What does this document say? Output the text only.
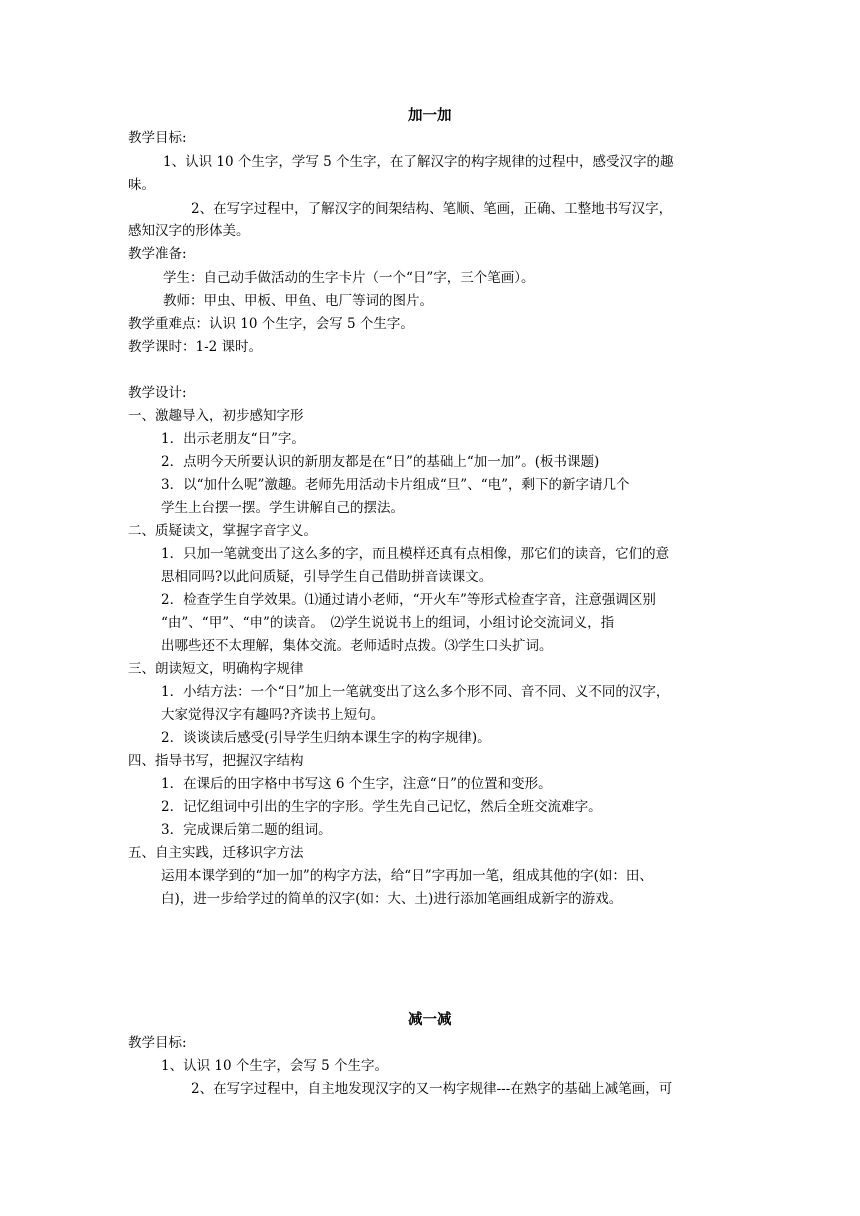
加一加
教学目标:
1、认识 10 个生字，学写 5 个生字，在了解汉字的构字规律的过程中，感受汉字的趣
味。
2、在写字过程中，了解汉字的间架结构、笔顺、笔画，正确、工整地书写汉字，
感知汉字的形体美。
教学准备:
学生：自己动手做活动的生字卡片（一个“日”字，三个笔画）。
教师：甲虫、甲板、甲鱼、电厂等词的图片。
教学重难点：认识 10 个生字，会写 5 个生字。
教学课时：1-2 课时。
教学设计:
一、激趣导入，初步感知字形
1．出示老朋友“日”字。
2．点明今天所要认识的新朋友都是在“日”的基础上“加一加”。(板书课题)
3．以“加什么呢”激趣。老师先用活动卡片组成“旦”、“电”，剩下的新字请几个
学生上台摆一摆。学生讲解自己的摆法。
二、质疑读文，掌握字音字义。
1．只加一笔就变出了这么多的字，而且模样还真有点相像，那它们的读音，它们的意
思相同吗?以此问质疑，引导学生自己借助拼音读课文。
2．检查学生自学效果。⑴通过请小老师，“开火车”等形式检查字音，注意强调区别
“由”、“甲”、“申”的读音。　⑵学生说说书上的组词，小组讨论交流词义，指
出哪些还不太理解，集体交流。老师适时点拨。⑶学生口头扩词。
三、朗读短文，明确构字规律
1．小结方法：一个“日”加上一笔就变出了这么多个形不同、音不同、义不同的汉字，
大家觉得汉字有趣吗?齐读书上短句。
2．谈谈读后感受(引导学生归纳本课生字的构字规律)。
四、指导书写，把握汉字结构
1．在课后的田字格中书写这 6 个生字，注意“日”的位置和变形。
2．记忆组词中引出的生字的字形。学生先自己记忆，然后全班交流难字。
3．完成课后第二题的组词。
五、自主实践，迁移识字方法
运用本课学到的“加一加”的构字方法，给“日”字再加一笔，组成其他的字(如：田、
白)，进一步给学过的简单的汉字(如：大、土)进行添加笔画组成新字的游戏。
减一减
教学目标:
1、认识 10 个生字，会写 5 个生字。
2、在写字过程中，自主地发现汉字的又一构字规律---在熟字的基础上减笔画，可
